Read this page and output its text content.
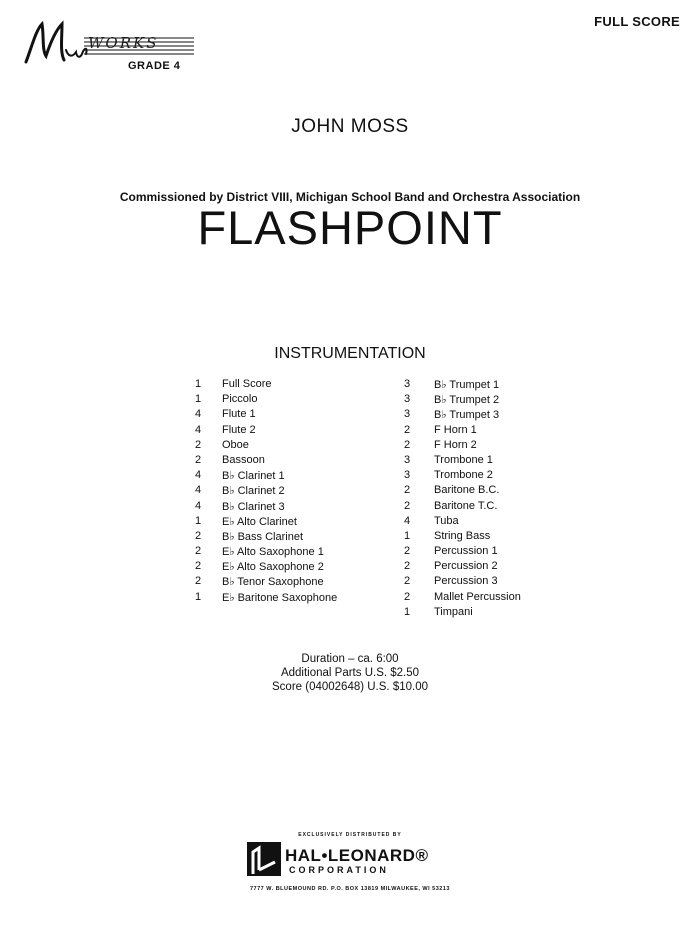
WORKS
GRADE 4
FULL SCORE
JOHN MOSS
Commissioned by District VIII, Michigan School Band and Orchestra Association
FLASHPOINT
INSTRUMENTATION
1	Full Score
1	Piccolo
4	Flute 1
4	Flute 2
2	Oboe
2	Bassoon
4	B♭ Clarinet 1
4	B♭ Clarinet 2
4	B♭ Clarinet 3
1	E♭ Alto Clarinet
2	B♭ Bass Clarinet
2	E♭ Alto Saxophone 1
2	E♭ Alto Saxophone 2
2	B♭ Tenor Saxophone
1	E♭ Baritone Saxophone
3	B♭ Trumpet 1
3	B♭ Trumpet 2
3	B♭ Trumpet 3
2	F Horn 1
2	F Horn 2
3	Trombone 1
3	Trombone 2
2	Baritone B.C.
2	Baritone T.C.
4	Tuba
1	String Bass
2	Percussion 1
2	Percussion 2
2	Percussion 3
2	Mallet Percussion
1	Timpani
Duration – ca. 6:00
Additional Parts U.S. $2.50
Score (04002648) U.S. $10.00
EXCLUSIVELY DISTRIBUTED BY
HAL•LEONARD®
CORPORATION
7777 W. BLUEMOUND RD. P.O. BOX 13819 MILWAUKEE, WI 53213
